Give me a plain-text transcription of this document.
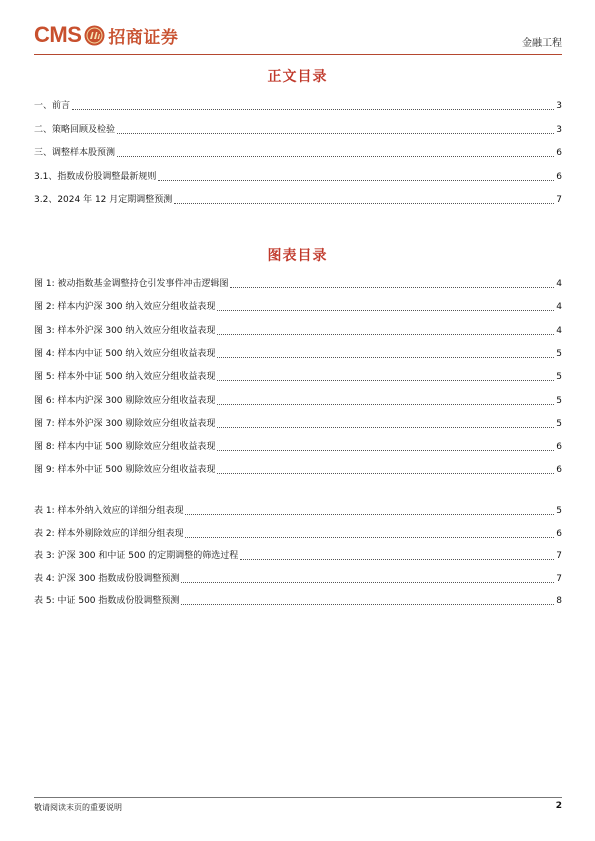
CMS 招商证券	金融工程
正文目录
一、前言	3
二、策略回顾及检验	3
三、调整样本股预测	6
3.1、指数成份股调整最新规则	6
3.2、2024 年 12 月定期调整预测	7
图表目录
图 1: 被动指数基金调整持仓引发事件冲击逻辑图	4
图 2: 样本内沪深 300 纳入效应分组收益表现	4
图 3: 样本外沪深 300 纳入效应分组收益表现	4
图 4: 样本内中证 500 纳入效应分组收益表现	5
图 5: 样本外中证 500 纳入效应分组收益表现	5
图 6: 样本内沪深 300 剔除效应分组收益表现	5
图 7: 样本外沪深 300 剔除效应分组收益表现	5
图 8: 样本内中证 500 剔除效应分组收益表现	6
图 9: 样本外中证 500 剔除效应分组收益表现	6
表 1: 样本外纳入效应的详细分组表现	5
表 2: 样本外剔除效应的详细分组表现	6
表 3: 沪深 300 和中证 500 的定期调整的筛选过程	7
表 4: 沪深 300 指数成份股调整预测	7
表 5: 中证 500 指数成份股调整预测	8
敬请阅读末页的重要说明	2
